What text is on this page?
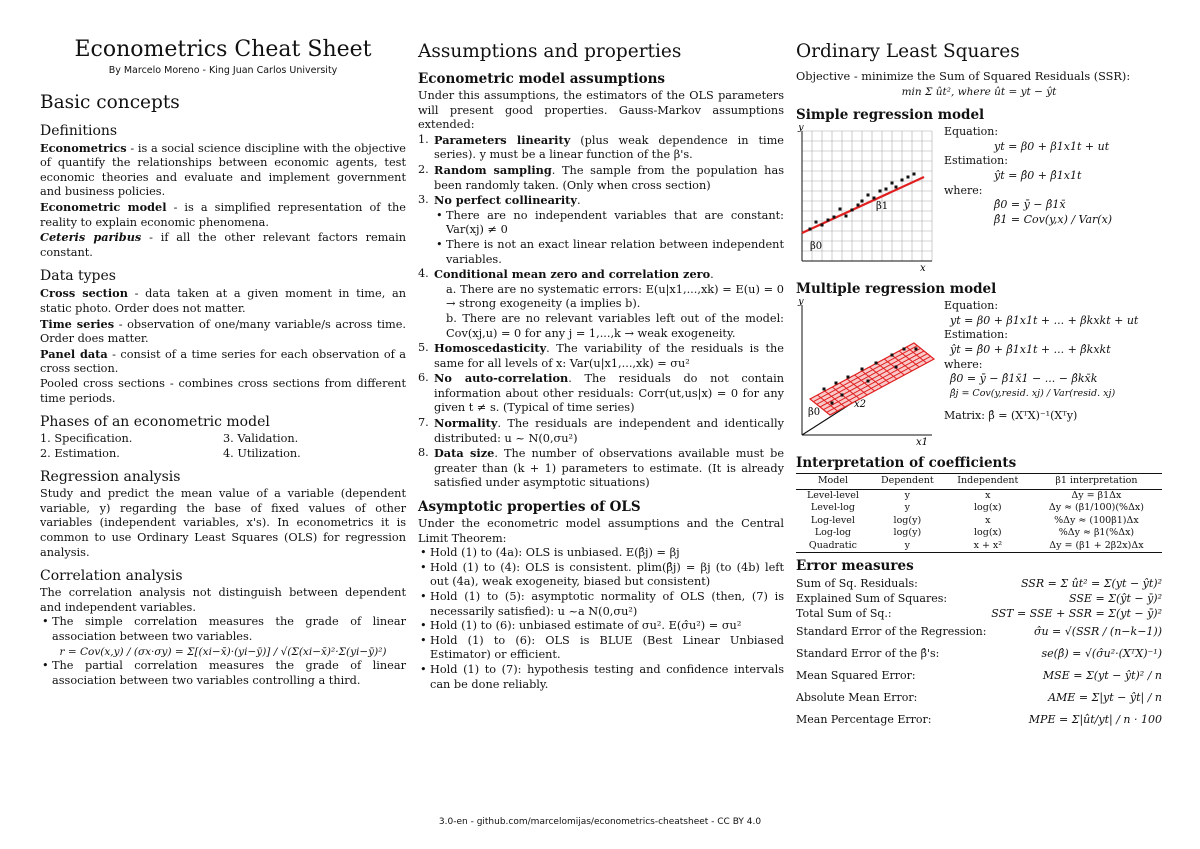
Econometrics Cheat Sheet
By Marcelo Moreno - King Juan Carlos University
Basic concepts
Definitions

Econometrics - is a social science discipline with the objective of quantify the relationships between economic agents, test economic theories and evaluate and implement government and business policies.

Econometric model - is a simplified representation of the reality to explain economic phenomena.

Ceteris paribus - if all the other relevant factors remain constant.

Data types

Cross section - data taken at a given moment in time, an static photo. Order does not matter.

Time series - observation of one/many variable/s across time. Order does matter.

Panel data - consist of a time series for each observation of a cross section.

Pooled cross sections - combines cross sections from different time periods.

Phases of an econometric model
1. Specification.	3. Validation.
2. Estimation.	4. Utilization.
Regression analysis

Study and predict the mean value of a variable (dependent variable, y) regarding the base of fixed values of other variables (independent variables, x's). In econometrics it is common to use Ordinary Least Squares (OLS) for regression analysis.

Correlation analysis

The correlation analysis not distinguish between dependent and independent variables.

• The simple correlation measures the grade of linear association between two variables.
r = Cov(x,y) / (σx·σy) = Σ[(xi−x̄)·(yi−ȳ)] / √(Σ(xi−x̄)²·Σ(yi−ȳ)²)
• The partial correlation measures the grade of linear association between two variables controlling a third.
Assumptions and properties
Econometric model assumptions

Under this assumptions, the estimators of the OLS parameters will present good properties. Gauss-Markov assumptions extended:

1. Parameters linearity (plus weak dependence in time series). y must be a linear function of the β's.
2. Random sampling. The sample from the population has been randomly taken. (Only when cross section)
3. No perfect collinearity.
• There are no independent variables that are constant: Var(xj) ≠ 0
• There is not an exact linear relation between independent variables.
4. Conditional mean zero and correlation zero.
a. There are no systematic errors: E(u|x1,...,xk) = E(u) = 0 → strong exogeneity (a implies b).
b. There are no relevant variables left out of the model: Cov(xj,u) = 0 for any j = 1,...,k → weak exogeneity.
5. Homoscedasticity. The variability of the residuals is the same for all levels of x: Var(u|x1,...,xk) = σu²
6. No auto-correlation. The residuals do not contain information about other residuals: Corr(ut,us|x) = 0 for any given t ≠ s. (Typical of time series)
7. Normality. The residuals are independent and identically distributed: u ~ N(0,σu²)
8. Data size. The number of observations available must be greater than (k + 1) parameters to estimate. (It is already satisfied under asymptotic situations)
Asymptotic properties of OLS

Under the econometric model assumptions and the Central Limit Theorem:

• Hold (1) to (4a): OLS is unbiased. E(β̂j) = βj
• Hold (1) to (4): OLS is consistent. plim(β̂j) = βj (to (4b) left out (4a), weak exogeneity, biased but consistent)
• Hold (1) to (5): asymptotic normality of OLS (then, (7) is necessarily satisfied): u ~a N(0,σu²)
• Hold (1) to (6): unbiased estimate of σu². E(σ̂u²) = σu²
• Hold (1) to (6): OLS is BLUE (Best Linear Unbiased Estimator) or efficient.
• Hold (1) to (7): hypothesis testing and confidence intervals can be done reliably.
Ordinary Least Squares

Objective - minimize the Sum of Squared Residuals (SSR):

min Σ ût², where ût = yt − ŷt
Simple regression model
y
x
β0
β1
Equation:
yt = β0 + β1x1t + ut
Estimation:
ŷt = β̂0 + β̂1x1t
where:
β̂0 = ȳ − β̂1x̄
β̂1 = Cov(y,x) / Var(x)
Multiple regression model
y
x1
x2
β0
Equation:
yt = β0 + β1x1t + ... + βkxkt + ut
Estimation:
ŷt = β̂0 + β̂1x1t + ... + β̂kxkt
where:
β̂0 = ȳ − β̂1x̄1 − ... − β̂kx̄k
β̂j = Cov(y,resid. xj) / Var(resid. xj)
Matrix: β̂ = (XᵀX)⁻¹(Xᵀy)
Interpretation of coefficients
Model	Dependent	Independent	β1 interpretation
Level-level	y	x	Δy = β1Δx
Level-log	y	log(x)	Δy ≈ (β1/100)(%Δx)
Log-level	log(y)	x	%Δy ≈ (100β1)Δx
Log-log	log(y)	log(x)	%Δy ≈ β1(%Δx)
Quadratic	y	x + x²	Δy = (β1 + 2β2x)Δx
Error measures
Sum of Sq. Residuals:	SSR = Σ ût² = Σ(yt − ŷt)²
Explained Sum of Squares:	SSE = Σ(ŷt − ȳ)²
Total Sum of Sq.:	SST = SSE + SSR = Σ(yt − ȳ)²
Standard Error of the Regression:	σ̂u = √(SSR / (n−k−1))
Standard Error of the β̂'s:	se(β̂) = √(σ̂u²·(XᵀX)⁻¹)
Mean Squared Error:	MSE = Σ(yt − ŷt)² / n
Absolute Mean Error:	AME = Σ|yt − ŷt| / n
Mean Percentage Error:	MPE = Σ|ût/yt| / n · 100
3.0-en - github.com/marcelomijas/econometrics-cheatsheet - CC BY 4.0
